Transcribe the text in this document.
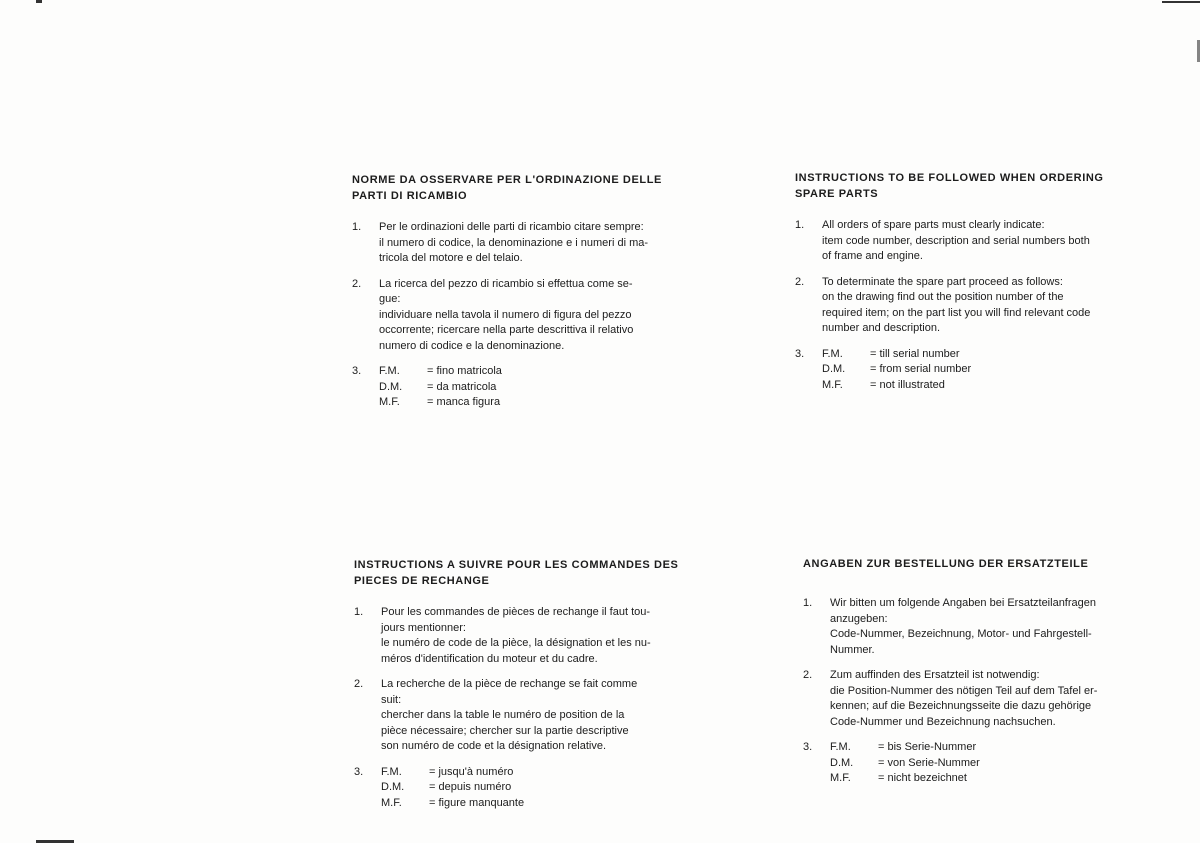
NORME DA OSSERVARE PER L'ORDINAZIONE DELLE
PARTI DI RICAMBIO
1.	Per le ordinazioni delle parti di ricambio citare sempre:
il numero di codice, la denominazione e i numeri di ma-
tricola del motore e del telaio.
2.	La ricerca del pezzo di ricambio si effettua come se-
gue:
individuare nella tavola il numero di figura del pezzo
occorrente; ricercare nella parte descrittiva il relativo
numero di codice e la denominazione.
3.	F.M.	= fino matricola
D.M.	= da matricola
M.F.	= manca figura
INSTRUCTIONS TO BE FOLLOWED WHEN ORDERING
SPARE PARTS
1.	All orders of spare parts must clearly indicate:
item code number, description and serial numbers both
of frame and engine.
2.	To determinate the spare part proceed as follows:
on the drawing find out the position number of the
required item; on the part list you will find relevant code
number and description.
3.	F.M.	= till serial number
D.M.	= from serial number
M.F.	= not illustrated
INSTRUCTIONS A SUIVRE POUR LES COMMANDES DES
PIECES DE RECHANGE
1.	Pour les commandes de pièces de rechange il faut tou-
jours mentionner:
le numéro de code de la pièce, la désignation et les nu-
méros d'identification du moteur et du cadre.
2.	La recherche de la pièce de rechange se fait comme
suit:
chercher dans la table le numéro de position de la
pièce nécessaire; chercher sur la partie descriptive
son numéro de code et la désignation relative.
3.	F.M.	= jusqu'à numéro
D.M.	= depuis numéro
M.F.	= figure manquante
ANGABEN ZUR BESTELLUNG DER ERSATZTEILE
1.	Wir bitten um folgende Angaben bei Ersatzteilanfragen
anzugeben:
Code-Nummer, Bezeichnung, Motor- und Fahrgestell-
Nummer.
2.	Zum auffinden des Ersatzteil ist notwendig:
die Position-Nummer des nötigen Teil auf dem Tafel er-
kennen; auf die Bezeichnungsseite die dazu gehörige
Code-Nummer und Bezeichnung nachsuchen.
3.	F.M.	= bis Serie-Nummer
D.M.	= von Serie-Nummer
M.F.	= nicht bezeichnet
